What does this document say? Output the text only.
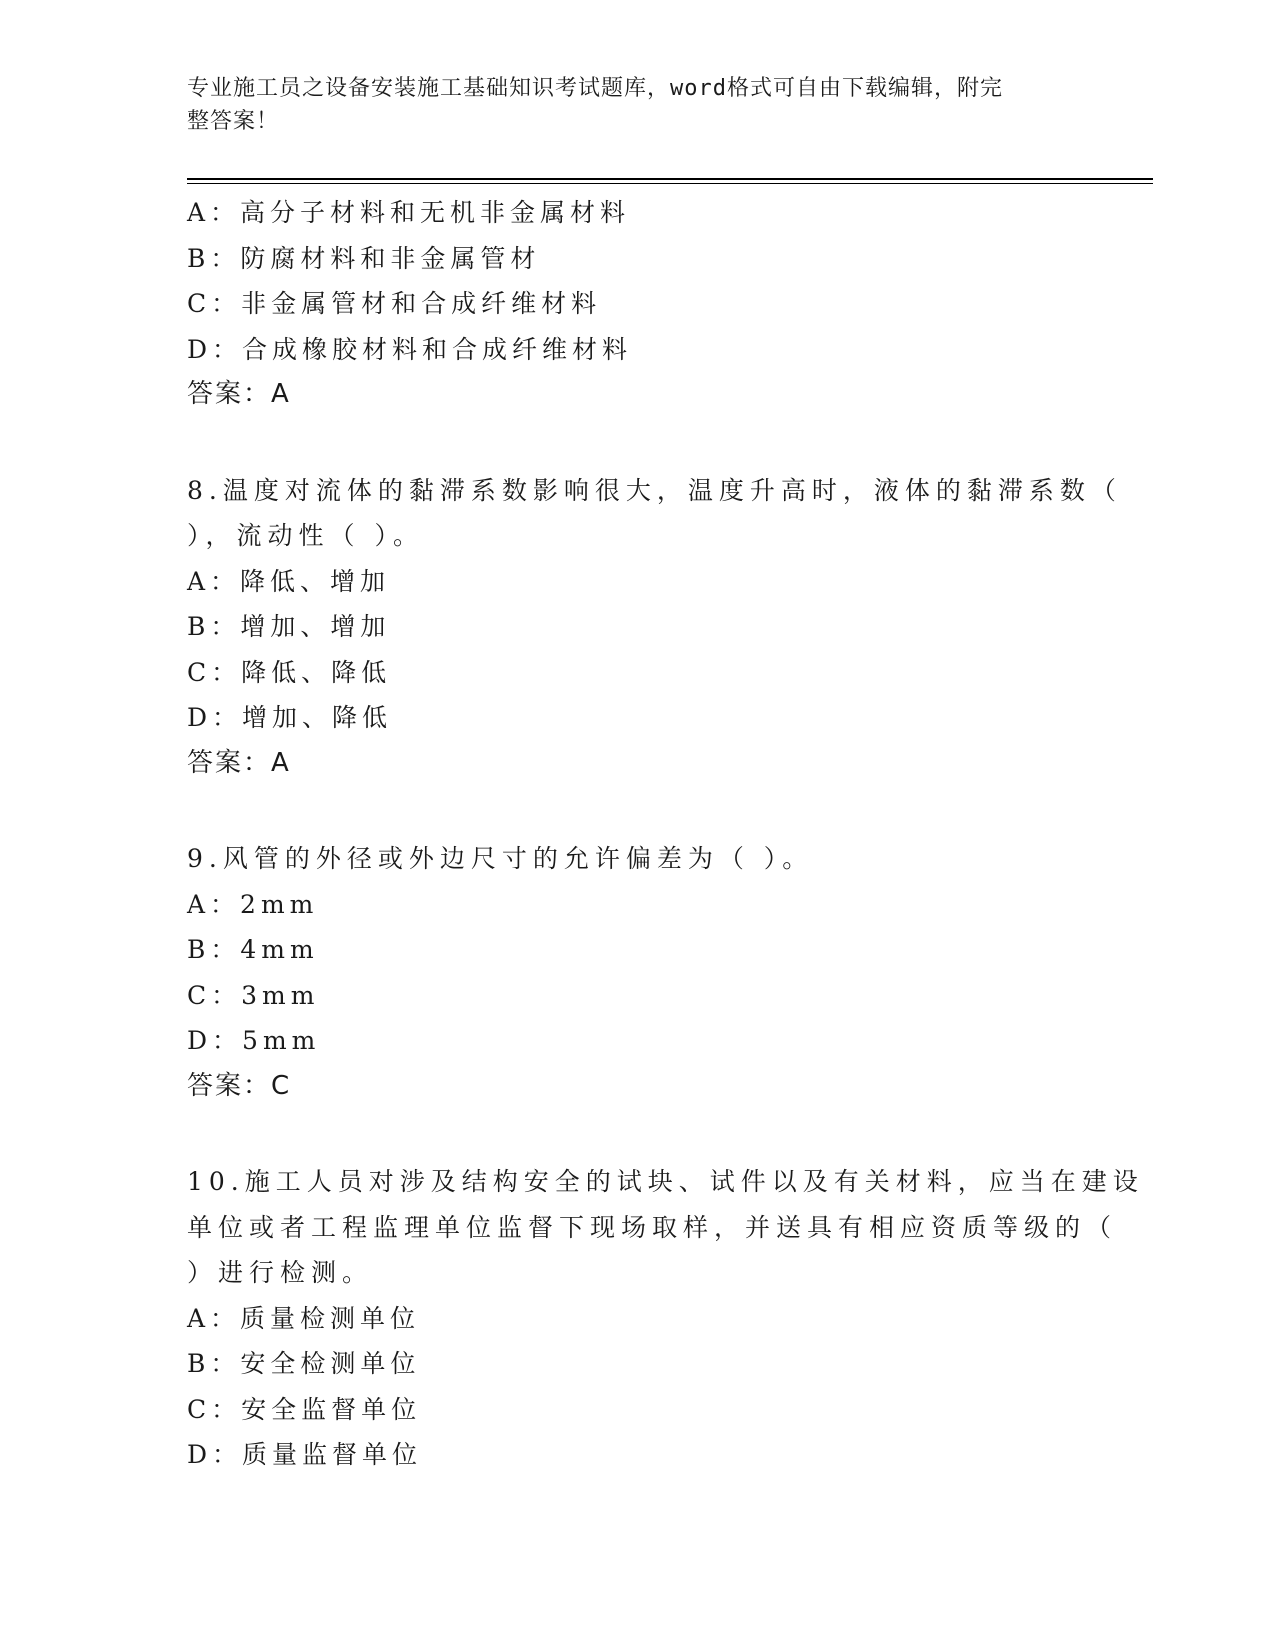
专业施工员之设备安装施工基础知识考试题库，word格式可自由下载编辑，附完
整答案！
A：高分子材料和无机非金属材料
B：防腐材料和非金属管材
C：非金属管材和合成纤维材料
D：合成橡胶材料和合成纤维材料
答案：A
8.温度对流体的黏滞系数影响很大，温度升高时，液体的黏滞系数（
），流动性（ ）。
A：降低、增加
B：增加、增加
C：降低、降低
D：增加、降低
答案：A
9.风管的外径或外边尺寸的允许偏差为（ ）。
A：2mm
B：4mm
C：3mm
D：5mm
答案：C
10.施工人员对涉及结构安全的试块、试件以及有关材料，应当在建设
单位或者工程监理单位监督下现场取样，并送具有相应资质等级的（
）进行检测。
A：质量检测单位
B：安全检测单位
C：安全监督单位
D：质量监督单位
